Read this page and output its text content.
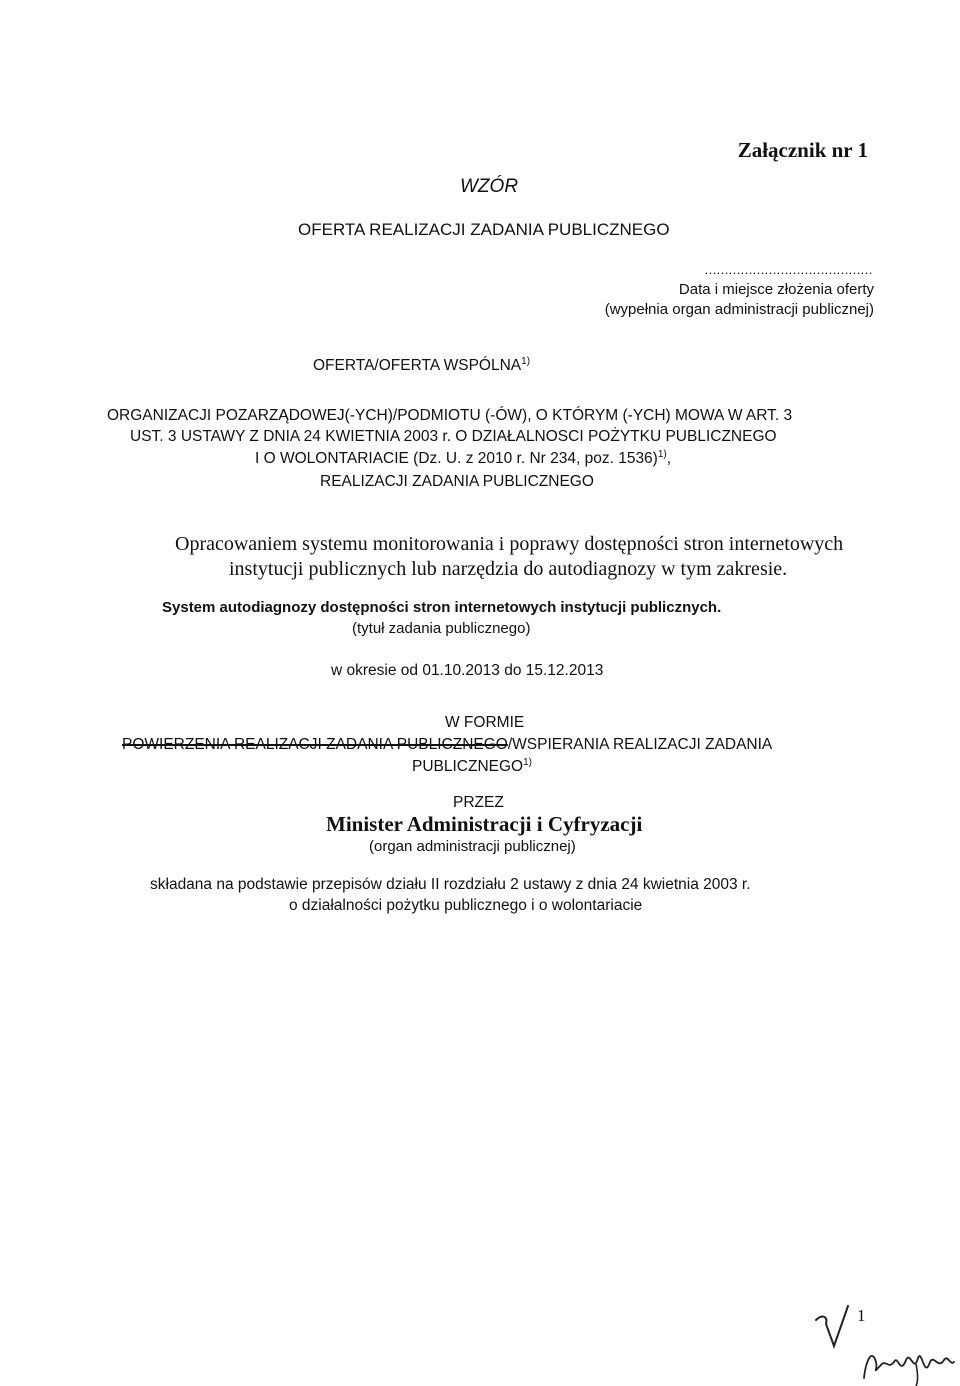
Załącznik nr 1
WZÓR
OFERTA REALIZACJI ZADANIA PUBLICZNEGO
……………………………………
Data i miejsce złożenia oferty
(wypełnia organ administracji publicznej)
OFERTA/OFERTA WSPÓLNA$^{1)}$
ORGANIZACJI POZARZĄDOWEJ(-YCH)/PODMIOTU (-ÓW), O KTÓRYM (-YCH) MOWA W ART. 3
UST. 3 USTAWY Z DNIA 24 KWIETNIA 2003 r. O DZIAŁALNOSCI POŻYTKU PUBLICZNEGO
I O WOLONTARIACIE (Dz. U. z 2010 r. Nr 234, poz. 1536)$^{1)}$,
REALIZACJI ZADANIA PUBLICZNEGO
Opracowaniem systemu monitorowania i poprawy dostępności stron internetowych
instytucji publicznych lub narzędzia do autodiagnozy w tym zakresie.
System autodiagnozy dostępności stron internetowych instytucji publicznych.
(tytuł zadania publicznego)
w okresie od 01.10.2013 do 15.12.2013
W FORMIE
POWIERZENIA REALIZACJI ZADANIA PUBLICZNEGO/WSPIERANIA REALIZACJI ZADANIA
PUBLICZNEGO$^{1)}$
PRZEZ
Minister Administracji i Cyfryzacji
(organ administracji publicznej)
składana na podstawie przepisów działu II rozdziału 2 ustawy z dnia 24 kwietnia 2003 r.
o działalności pożytku publicznego i o wolontariacie
1
